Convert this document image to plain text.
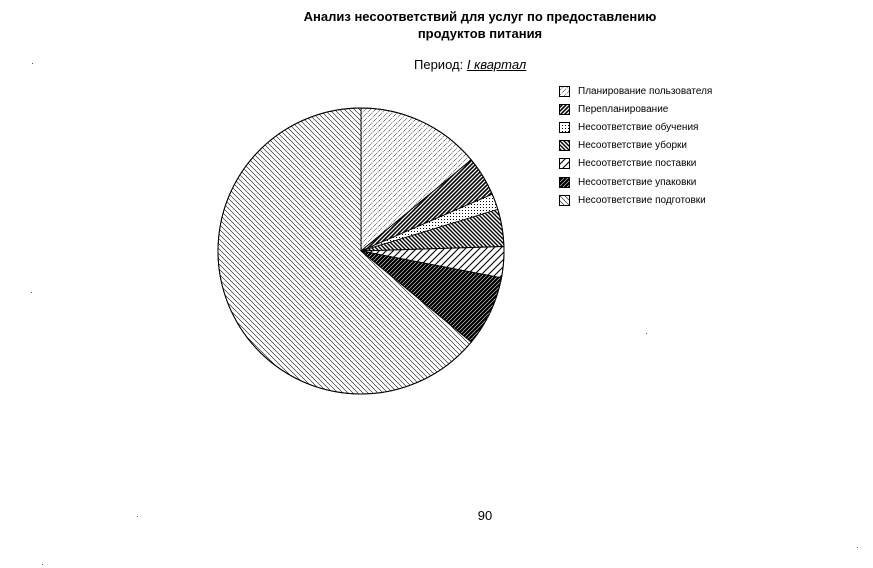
Анализ несоответствий для услуг по предоставлению
продуктов питания
Период: I квартал
Планирование пользователя
Перепланирование
Несоответствие обучения
Несоответствие уборки
Несоответствие поставки
Несоответствие упаковки
Несоответствие подготовки
90
